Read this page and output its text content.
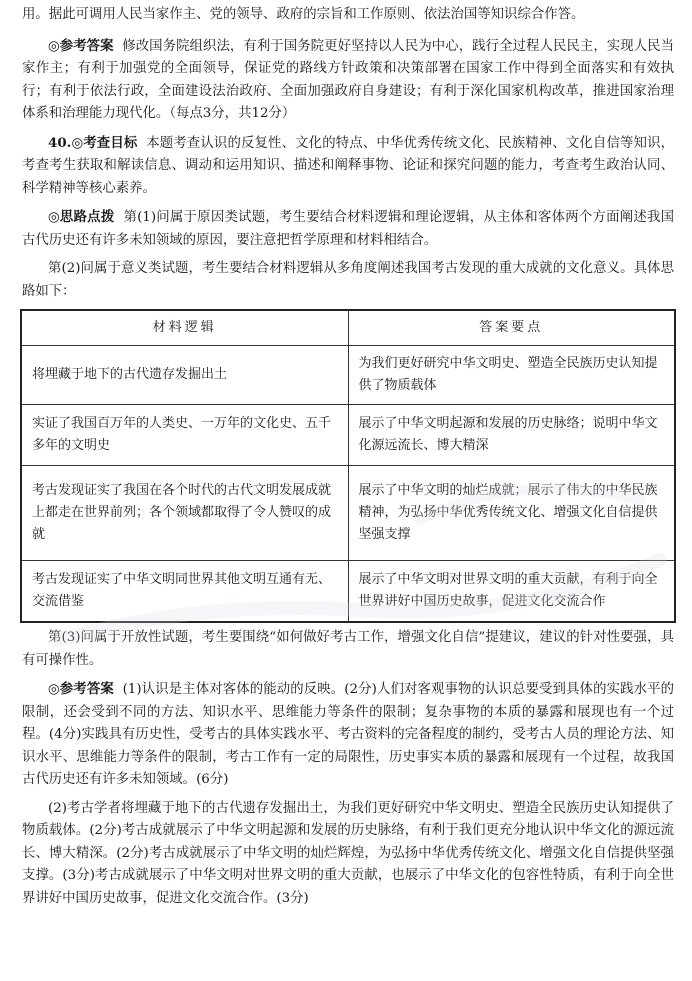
用。据此可调用人民当家作主、党的领导、政府的宗旨和工作原则、依法治国等知识综合作答。

◎参考答案 修改国务院组织法，有利于国务院更好坚持以人民为中心，践行全过程人民民主，实现人民当家作主；有利于加强党的全面领导，保证党的路线方针政策和决策部署在国家工作中得到全面落实和有效执行；有利于依法行政，全面建设法治政府、全面加强政府自身建设；有利于深化国家机构改革，推进国家治理体系和治理能力现代化。（每点3分，共12分）

40.◎考查目标 本题考查认识的反复性、文化的特点、中华优秀传统文化、民族精神、文化自信等知识，考查考生获取和解读信息、调动和运用知识、描述和阐释事物、论证和探究问题的能力，考查考生政治认同、科学精神等核心素养。

◎思路点拨 第(1)问属于原因类试题，考生要结合材料逻辑和理论逻辑，从主体和客体两个方面阐述我国古代历史还有许多未知领域的原因，要注意把哲学原理和材料相结合。

第(2)问属于意义类试题，考生要结合材料逻辑从多角度阐述我国考古发现的重大成就的文化意义。具体思路如下：

材料逻辑	答案要点
将埋藏于地下的古代遗存发掘出土	为我们更好研究中华文明史、塑造全民族历史认知提供了物质载体
实证了我国百万年的人类史、一万年的文化史、五千多年的文明史	展示了中华文明起源和发展的历史脉络；说明中华文化源远流长、博大精深
考古发现证实了我国在各个时代的古代文明发展成就上都走在世界前列；各个领域都取得了令人赞叹的成就	展示了中华文明的灿烂成就；展示了伟大的中华民族精神，为弘扬中华优秀传统文化、增强文化自信提供坚强支撑
考古发现证实了中华文明同世界其他文明互通有无、交流借鉴	展示了中华文明对世界文明的重大贡献，有利于向全世界讲好中国历史故事，促进文化交流合作

第(3)问属于开放性试题，考生要围绕“如何做好考古工作，增强文化自信”提建议，建议的针对性要强，具有可操作性。

◎参考答案 (1)认识是主体对客体的能动的反映。(2分)人们对客观事物的认识总要受到具体的实践水平的限制，还会受到不同的方法、知识水平、思维能力等条件的限制；复杂事物的本质的暴露和展现也有一个过程。(4分)实践具有历史性，受考古的具体实践水平、考古资料的完备程度的制约，受考古人员的理论方法、知识水平、思维能力等条件的限制，考古工作有一定的局限性，历史事实本质的暴露和展现有一个过程，故我国古代历史还有许多未知领域。(6分)

(2)考古学者将埋藏于地下的古代遗存发掘出土，为我们更好研究中华文明史、塑造全民族历史认知提供了物质载体。(2分)考古成就展示了中华文明起源和发展的历史脉络，有利于我们更充分地认识中华文化的源远流长、博大精深。(2分)考古成就展示了中华文明的灿烂辉煌，为弘扬中华优秀传统文化、增强文化自信提供坚强支撑。(3分)考古成就展示了中华文明对世界文明的重大贡献，也展示了中华文化的包容性特质，有利于向全世界讲好中国历史故事，促进文化交流合作。(3分)
